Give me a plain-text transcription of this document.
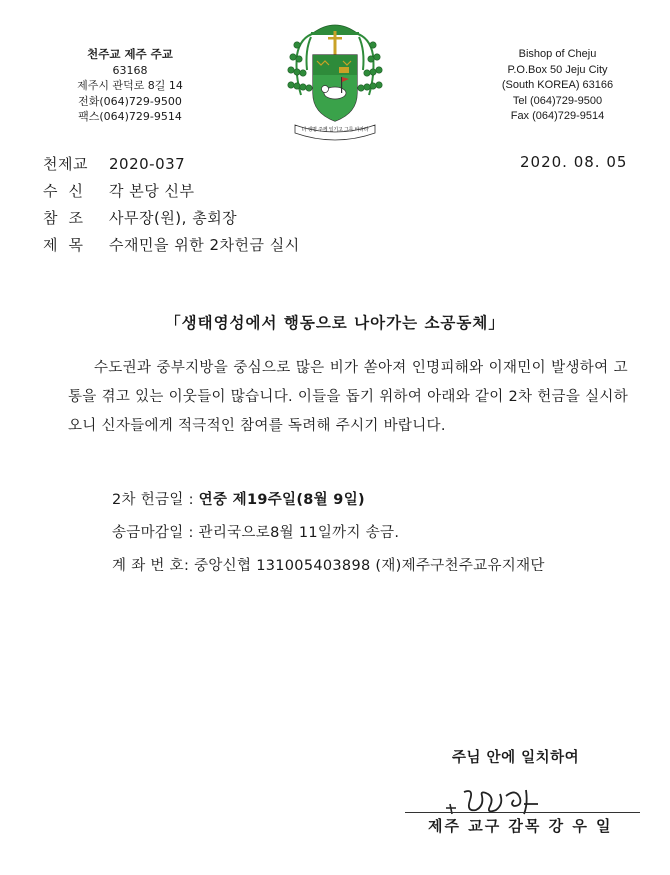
천주교 제주 주교
63168
제주시 관덕로 8길 14
전화(064)729-9500
팩스(064)729-9514
너 생명 주께 일기고 그를 바라라
Bishop of Cheju
P.O.Box 50 Jeju City
(South KOREA) 63166
Tel (064)729-9500
Fax (064)729-9514
천제교 2020-037	2020. 08. 05
수  신 각 본당 신부
참  조 사무장(원), 총회장
제  목 수재민을 위한 2차헌금 실시
「생태영성에서 행동으로 나아가는 소공동체」
수도권과 중부지방을 중심으로 많은 비가 쏟아져 인명피해와 이재민이 발생하여 고통을 겪고 있는 이웃들이 많습니다. 이들을 돕기 위하여 아래와 같이 2차 헌금을 실시하오니 신자들에게 적극적인 참여를 독려해 주시기 바랍니다.
2차 헌금일 : 연중 제19주일(8월 9일)
송금마감일 : 관리국으로8월 11일까지 송금.
계 좌 번 호: 중앙신협 131005403898 (재)제주구천주교유지재단
주님 안에 일치하여
제주 교구 감목 강 우 일
